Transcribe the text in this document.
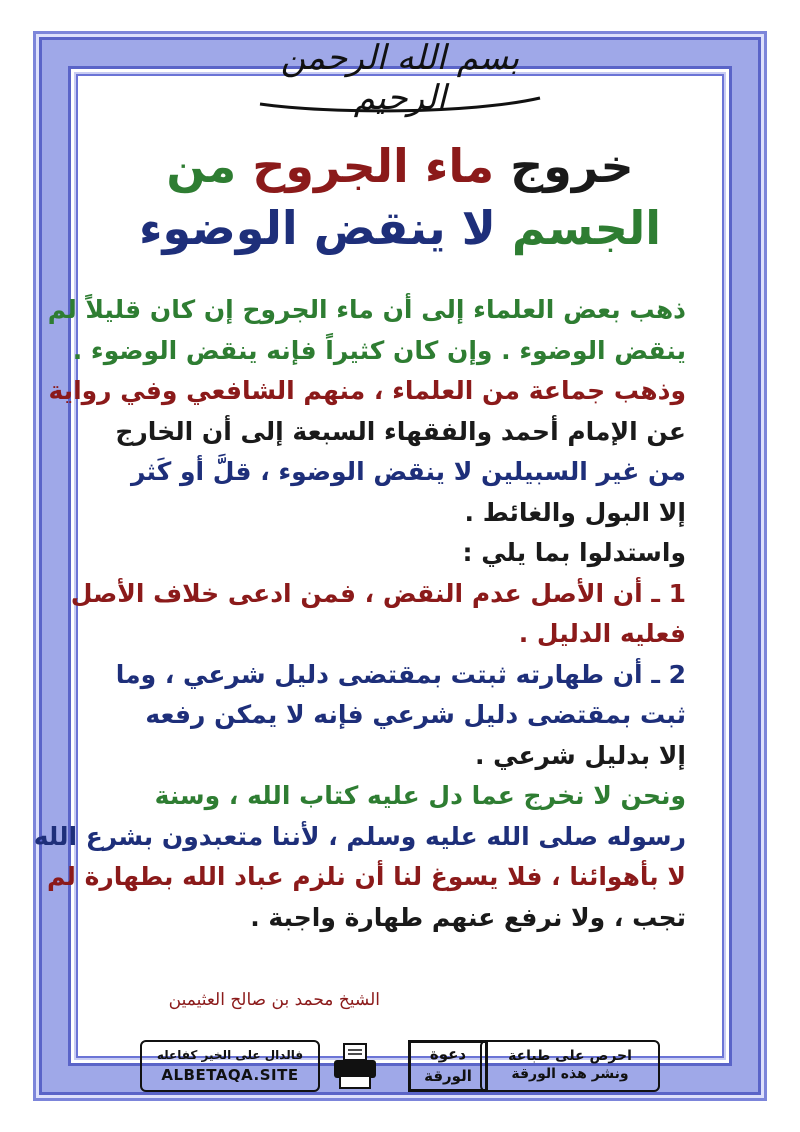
بسم الله الرحمن الرحيم
خروج ماء الجروح من
الجسم لا ينقض الوضوء
ذهب بعض العلماء إلى أن ماء الجروح إن كان قليلاً لم
ينقض الوضوء . وإن كان كثيراً فإنه ينقض الوضوء .
وذهب جماعة من العلماء ، منهم الشافعي وفي رواية
عن الإمام أحمد والفقهاء السبعة إلى أن الخارج
من غير السبيلين لا ينقض الوضوء ، قلَّ أو كَثر
إلا البول والغائط .
واستدلوا بما يلي :
1 ـ أن الأصل عدم النقض ، فمن ادعى خلاف الأصل
فعليه الدليل .
2 ـ أن طهارته ثبتت بمقتضى دليل شرعي ، وما
ثبت بمقتضى دليل شرعي فإنه لا يمكن رفعه
إلا بدليل شرعي .
ونحن لا نخرج عما دل عليه كتاب الله ، وسنة
رسوله صلى الله عليه وسلم ، لأننا متعبدون بشرع الله
لا بأهوائنا ، فلا يسوغ لنا أن نلزم عباد الله بطهارة لم
تجب ، ولا نرفع عنهم طهارة واجبة .
الشيخ محمد بن صالح العثيمين
فالدال على الخير كفاعله
ALBETAQA.SITE
دعوة
الورقة
احرص على طباعة
ونشر هذه الورقة
